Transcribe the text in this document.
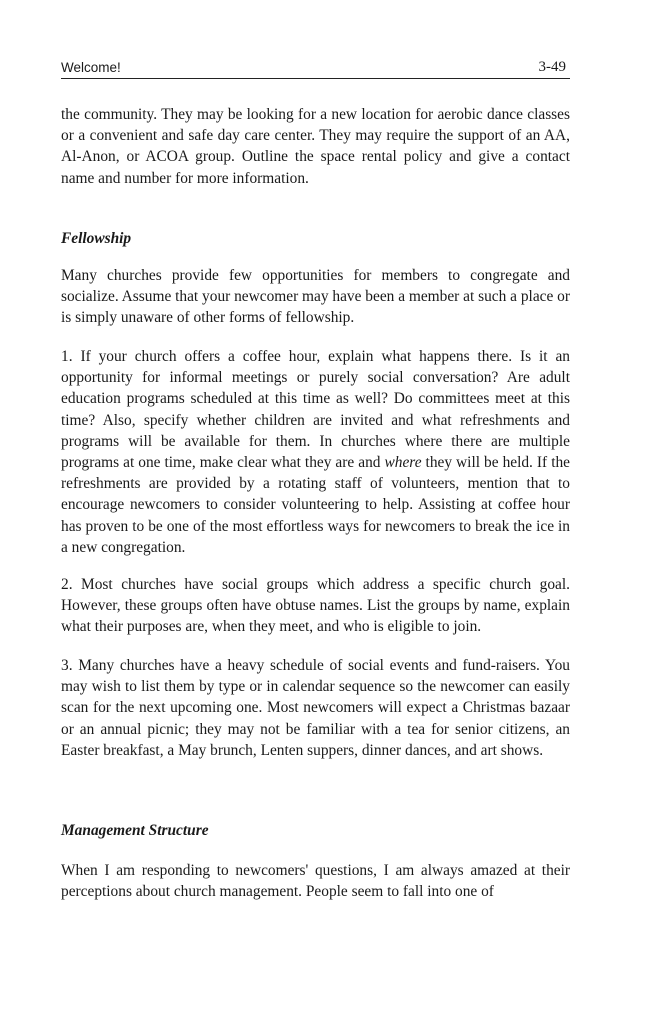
Welcome!	3-49

the community. They may be looking for a new location for aerobic dance classes or a convenient and safe day care center. They may require the support of an AA, Al-Anon, or ACOA group. Outline the space rental policy and give a contact name and number for more information.

Fellowship

Many churches provide few opportunities for members to congregate and socialize. Assume that your newcomer may have been a member at such a place or is simply unaware of other forms of fellowship.

1. If your church offers a coffee hour, explain what happens there. Is it an opportunity for informal meetings or purely social conversation? Are adult education programs scheduled at this time as well? Do committees meet at this time? Also, specify whether children are invited and what refreshments and programs will be available for them. In churches where there are multiple programs at one time, make clear what they are and where they will be held. If the refreshments are provided by a rotating staff of volunteers, mention that to encourage newcomers to consider volunteering to help. Assisting at coffee hour has proven to be one of the most effortless ways for newcomers to break the ice in a new congregation.

2. Most churches have social groups which address a specific church goal. However, these groups often have obtuse names. List the groups by name, explain what their purposes are, when they meet, and who is eligible to join.

3. Many churches have a heavy schedule of social events and fund-raisers. You may wish to list them by type or in calendar sequence so the newcomer can easily scan for the next upcoming one. Most newcomers will expect a Christmas bazaar or an annual picnic; they may not be familiar with a tea for senior citizens, an Easter breakfast, a May brunch, Lenten suppers, dinner dances, and art shows.

Management Structure

When I am responding to newcomers' questions, I am always amazed at their perceptions about church management. People seem to fall into one of
